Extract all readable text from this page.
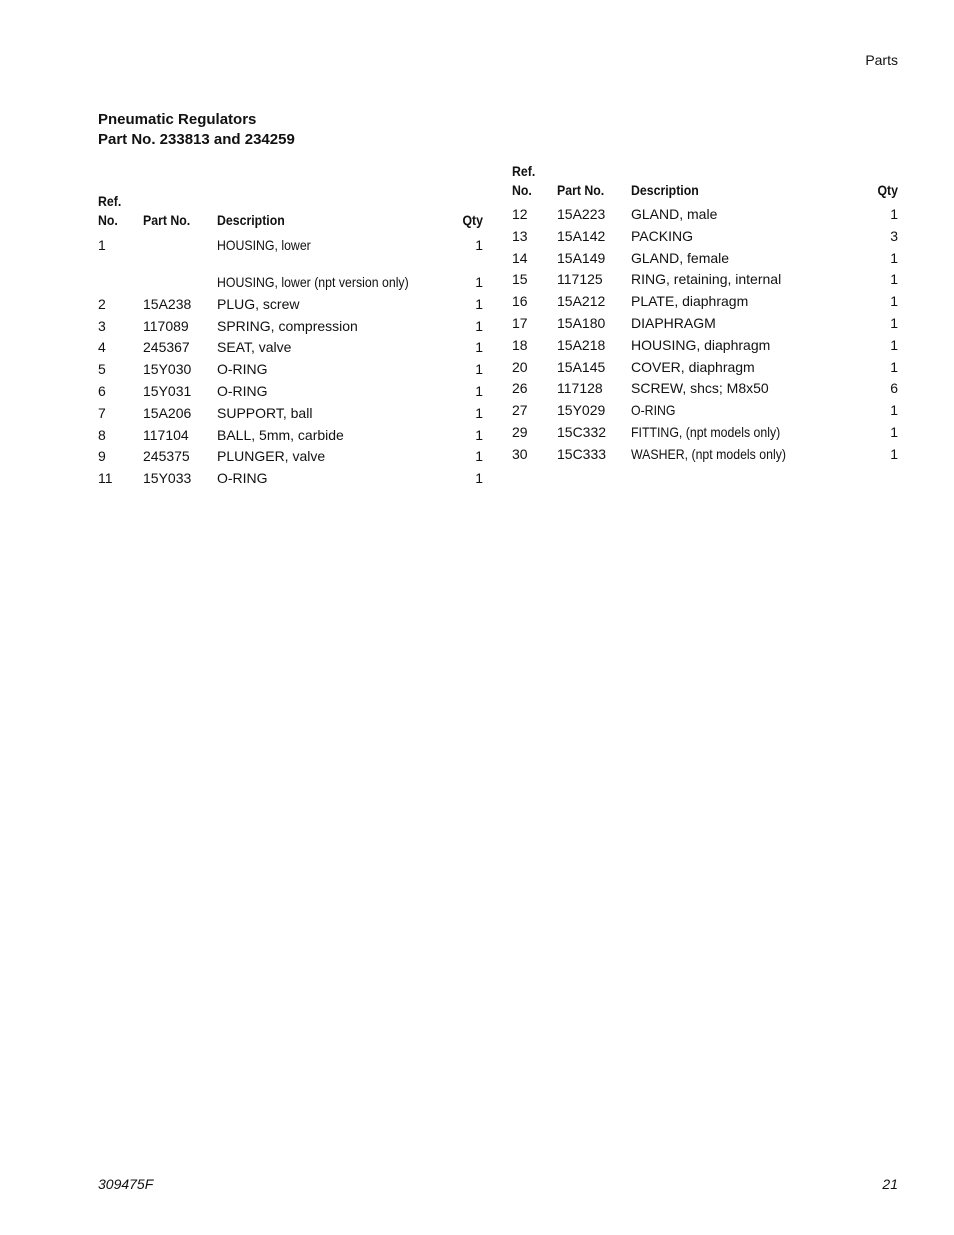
Parts
Pneumatic Regulators
Part No. 233813 and 234259
Ref. No.	Part No.	Description	Qty
1		HOUSING, lower	1
		HOUSING, lower (npt version only)	1
2	15A238	PLUG, screw	1
3	117089	SPRING, compression	1
4	245367	SEAT, valve	1
5	15Y030	O-RING	1
6	15Y031	O-RING	1
7	15A206	SUPPORT, ball	1
8	117104	BALL, 5mm, carbide	1
9	245375	PLUNGER, valve	1
11	15Y033	O-RING	1
Ref. No.	Part No.	Description	Qty
12	15A223	GLAND, male	1
13	15A142	PACKING	3
14	15A149	GLAND, female	1
15	117125	RING, retaining, internal	1
16	15A212	PLATE, diaphragm	1
17	15A180	DIAPHRAGM	1
18	15A218	HOUSING, diaphragm	1
20	15A145	COVER, diaphragm	1
26	117128	SCREW, shcs; M8x50	6
27	15Y029	O-RING	1
29	15C332	FITTING, (npt models only)	1
30	15C333	WASHER, (npt models only)	1
309475F	21
